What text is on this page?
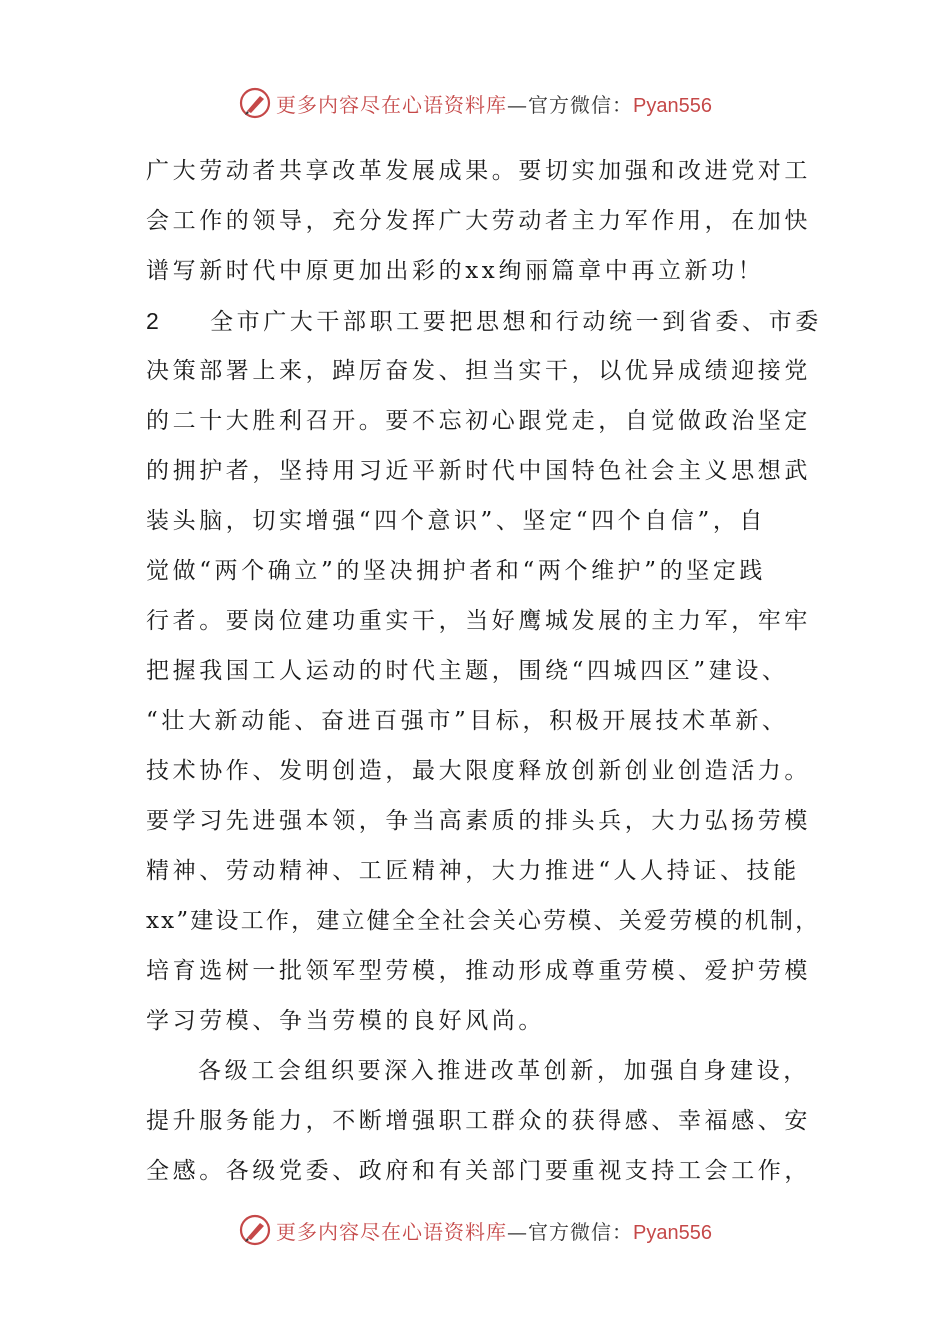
更多内容尽在心语资料库—官方微信：Pyan556
广大劳动者共享改革发展成果。要切实加强和改进党对工
会工作的领导，充分发挥广大劳动者主力军作用，在加快
谱写新时代中原更加出彩的xx绚丽篇章中再立新功！
2 全市广大干部职工要把思想和行动统一到省委、市委
决策部署上来，踔厉奋发、担当实干，以优异成绩迎接党
的二十大胜利召开。要不忘初心跟党走，自觉做政治坚定
的拥护者，坚持用习近平新时代中国特色社会主义思想武
装头脑，切实增强“四个意识”、坚定“四个自信”，自
觉做“两个确立”的坚决拥护者和“两个维护”的坚定践
行者。要岗位建功重实干，当好鹰城发展的主力军，牢牢
把握我国工人运动的时代主题，围绕“四城四区”建设、
“壮大新动能、奋进百强市”目标，积极开展技术革新、
技术协作、发明创造，最大限度释放创新创业创造活力。
要学习先进强本领，争当高素质的排头兵，大力弘扬劳模
精神、劳动精神、工匠精神，大力推进“人人持证、技能
xx”建设工作，建立健全全社会关心劳模、关爱劳模的机制，
培育选树一批领军型劳模，推动形成尊重劳模、爱护劳模
学习劳模、争当劳模的良好风尚。
各级工会组织要深入推进改革创新，加强自身建设，
提升服务能力，不断增强职工群众的获得感、幸福感、安
全感。各级党委、政府和有关部门要重视支持工会工作，
更多内容尽在心语资料库—官方微信：Pyan556
